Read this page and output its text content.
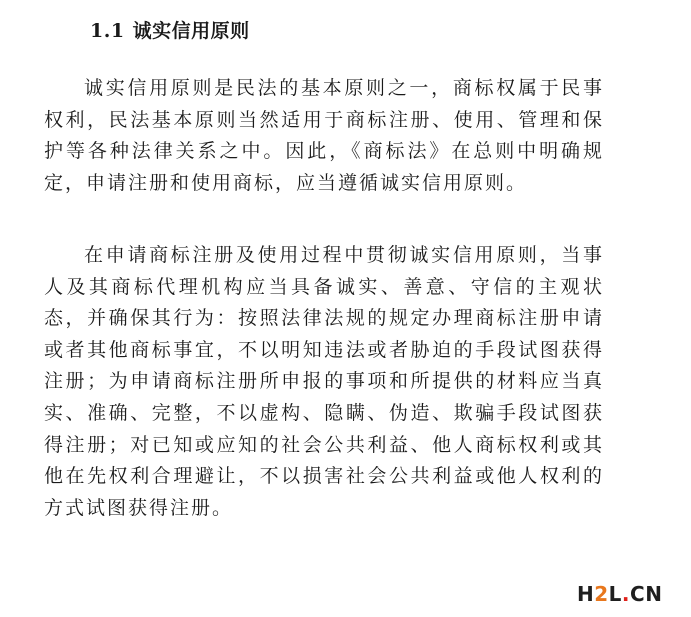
1.1 诚实信用原则

诚实信用原则是民法的基本原则之一，商标权属于民事权利，民法基本原则当然适用于商标注册、使用、管理和保护等各种法律关系之中。因此，《商标法》在总则中明确规定，申请注册和使用商标，应当遵循诚实信用原则。

在申请商标注册及使用过程中贯彻诚实信用原则，当事人及其商标代理机构应当具备诚实、善意、守信的主观状态，并确保其行为：按照法律法规的规定办理商标注册申请或者其他商标事宜，不以明知违法或者胁迫的手段试图获得注册；为申请商标注册所申报的事项和所提供的材料应当真实、准确、完整，不以虚构、隐瞒、伪造、欺骗手段试图获得注册；对已知或应知的社会公共利益、他人商标权利或其他在先权利合理避让，不以损害社会公共利益或他人权利的方式试图获得注册。

H2L.CN
